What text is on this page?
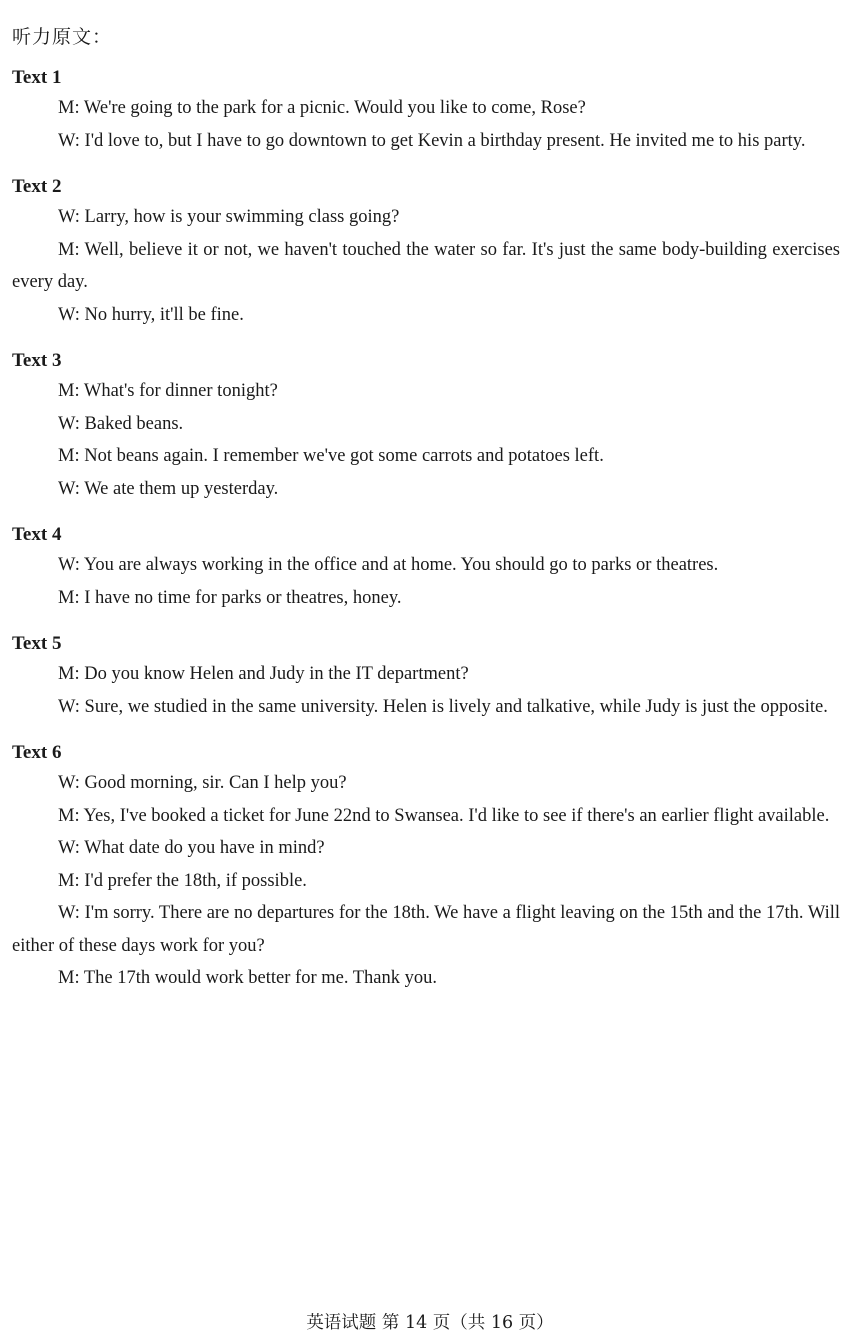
听力原文：

Text 1

M: We're going to the park for a picnic. Would you like to come, Rose?

W: I'd love to, but I have to go downtown to get Kevin a birthday present. He invited me to his party.

Text 2

W: Larry, how is your swimming class going?

M: Well, believe it or not, we haven't touched the water so far. It's just the same body-building exercises every day.

W: No hurry, it'll be fine.

Text 3

M: What's for dinner tonight?

W: Baked beans.

M: Not beans again. I remember we've got some carrots and potatoes left.

W: We ate them up yesterday.

Text 4

W: You are always working in the office and at home. You should go to parks or theatres.

M: I have no time for parks or theatres, honey.

Text 5

M: Do you know Helen and Judy in the IT department?

W: Sure, we studied in the same university. Helen is lively and talkative, while Judy is just the opposite.

Text 6

W: Good morning, sir. Can I help you?

M: Yes, I've booked a ticket for June 22nd to Swansea. I'd like to see if there's an earlier flight available.

W: What date do you have in mind?

M: I'd prefer the 18th, if possible.

W: I'm sorry. There are no departures for the 18th. We have a flight leaving on the 15th and the 17th. Will either of these days work for you?

M: The 17th would work better for me. Thank you.

英语试题 第 14 页（共 16 页）
